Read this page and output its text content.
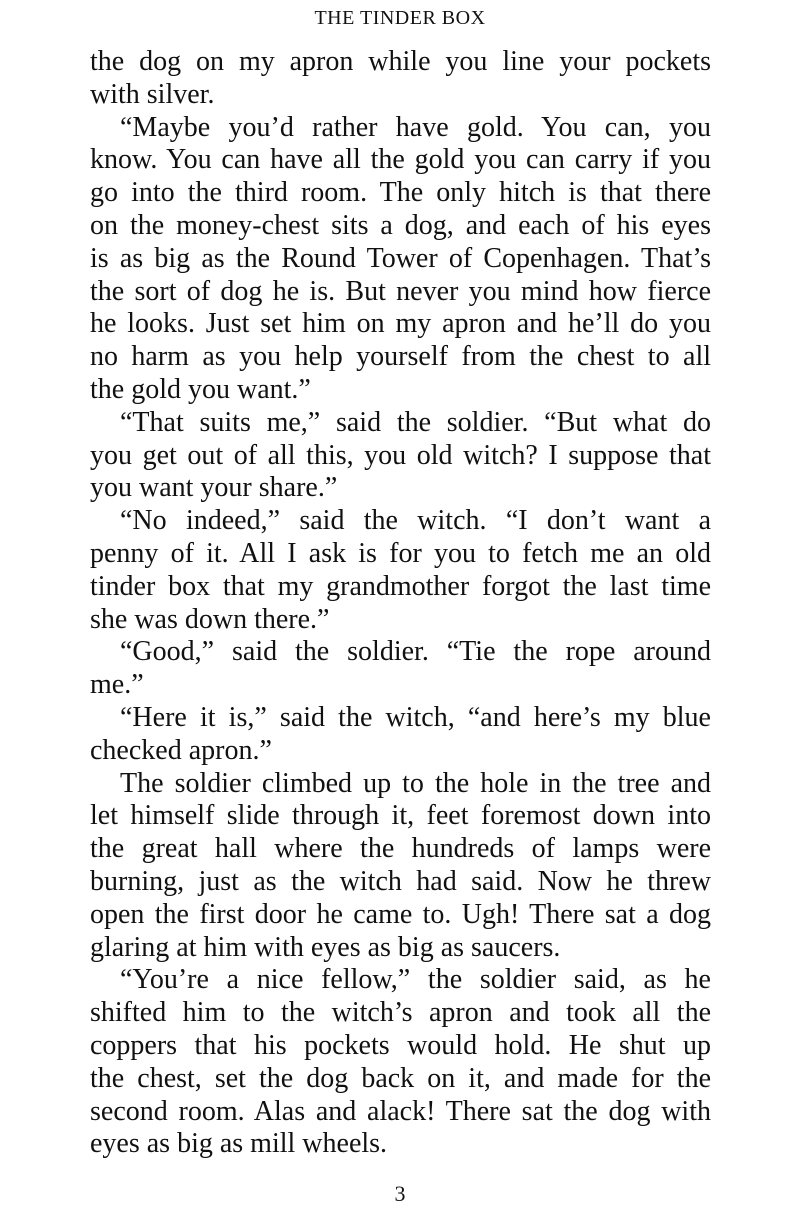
THE TINDER BOX
the dog on my apron while you line your pockets
with silver.
“Maybe you’d rather have gold. You can, you
know. You can have all the gold you can carry if you
go into the third room. The only hitch is that there
on the money-chest sits a dog, and each of his eyes
is as big as the Round Tower of Copenhagen. That’s
the sort of dog he is. But never you mind how fierce
he looks. Just set him on my apron and he’ll do you
no harm as you help yourself from the chest to all
the gold you want.”
“That suits me,” said the soldier. “But what do
you get out of all this, you old witch? I suppose that
you want your share.”
“No indeed,” said the witch. “I don’t want a
penny of it. All I ask is for you to fetch me an old
tinder box that my grandmother forgot the last time
she was down there.”
“Good,” said the soldier. “Tie the rope around
me.”
“Here it is,” said the witch, “and here’s my blue
checked apron.”
The soldier climbed up to the hole in the tree and
let himself slide through it, feet foremost down into
the great hall where the hundreds of lamps were
burning, just as the witch had said. Now he threw
open the first door he came to. Ugh! There sat a dog
glaring at him with eyes as big as saucers.
“You’re a nice fellow,” the soldier said, as he
shifted him to the witch’s apron and took all the
coppers that his pockets would hold. He shut up
the chest, set the dog back on it, and made for the
second room. Alas and alack! There sat the dog with
eyes as big as mill wheels.
3
